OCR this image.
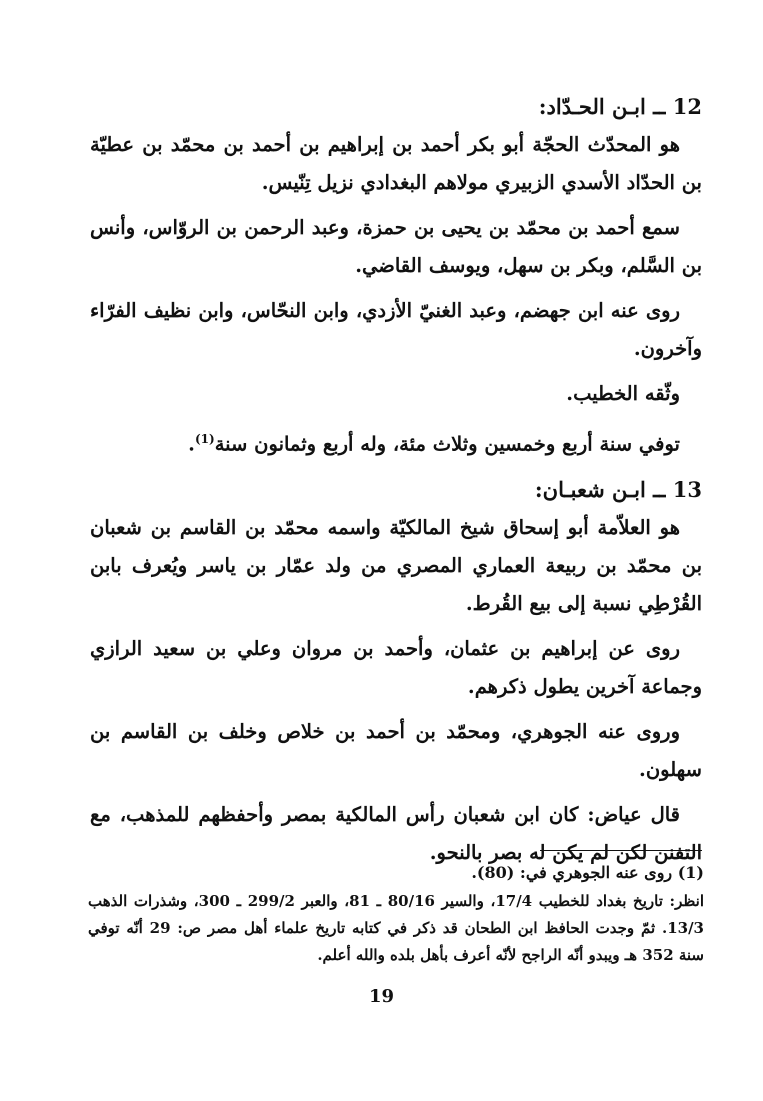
12 ــ ابـن الحـدّاد:

هو المحدّث الحجّة أبو بكر أحمد بن إبراهيم بن أحمد بن محمّد بن عطيّة بن الحدّاد الأسدي الزبيري مولاهم البغدادي نزيل تِنّيس.

سمع أحمد بن محمّد بن يحيى بن حمزة، وعبد الرحمن بن الروّاس، وأنس بن السَّلم، وبكر بن سهل، ويوسف القاضي.

روى عنه ابن جهضم، وعبد الغنيّ الأزدي، وابن النحّاس، وابن نظيف الفرّاء وآخرون.

وثّقه الخطيب.

توفي سنة أربع وخمسين وثلاث مئة، وله أربع وثمانون سنة$^{(1)}$.

13 ــ ابـن شعبـان:

هو العلاّمة أبو إسحاق شيخ المالكيّة واسمه محمّد بن القاسم بن شعبان بن محمّد بن ربيعة العماري المصري من ولد عمّار بن ياسر ويُعرف بابن القُرْطِي نسبة إلى بيع القُرط.

روى عن إبراهيم بن عثمان، وأحمد بن مروان وعلي بن سعيد الرازي وجماعة آخرين يطول ذكرهم.

وروى عنه الجوهري، ومحمّد بن أحمد بن خلاص وخلف بن القاسم بن سهلون.

قال عياض: كان ابن شعبان رأس المالكية بمصر وأحفظهم للمذهب، مع التفنن لكن لم يكن له بصر بالنحو.

(1) روى عنه الجوهري في: (80).

انظر: تاريخ بغداد للخطيب 17/4، والسير 80/16 ـ 81، والعبر 299/2 ـ 300، وشذرات الذهب 13/3. ثمّ وجدت الحافظ ابن الطحان قد ذكر في كتابه تاريخ علماء أهل مصر ص: 29 أنّه توفي سنة 352 هـ ويبدو أنّه الراجح لأنّه أعرف بأهل بلده والله أعلم.

19
